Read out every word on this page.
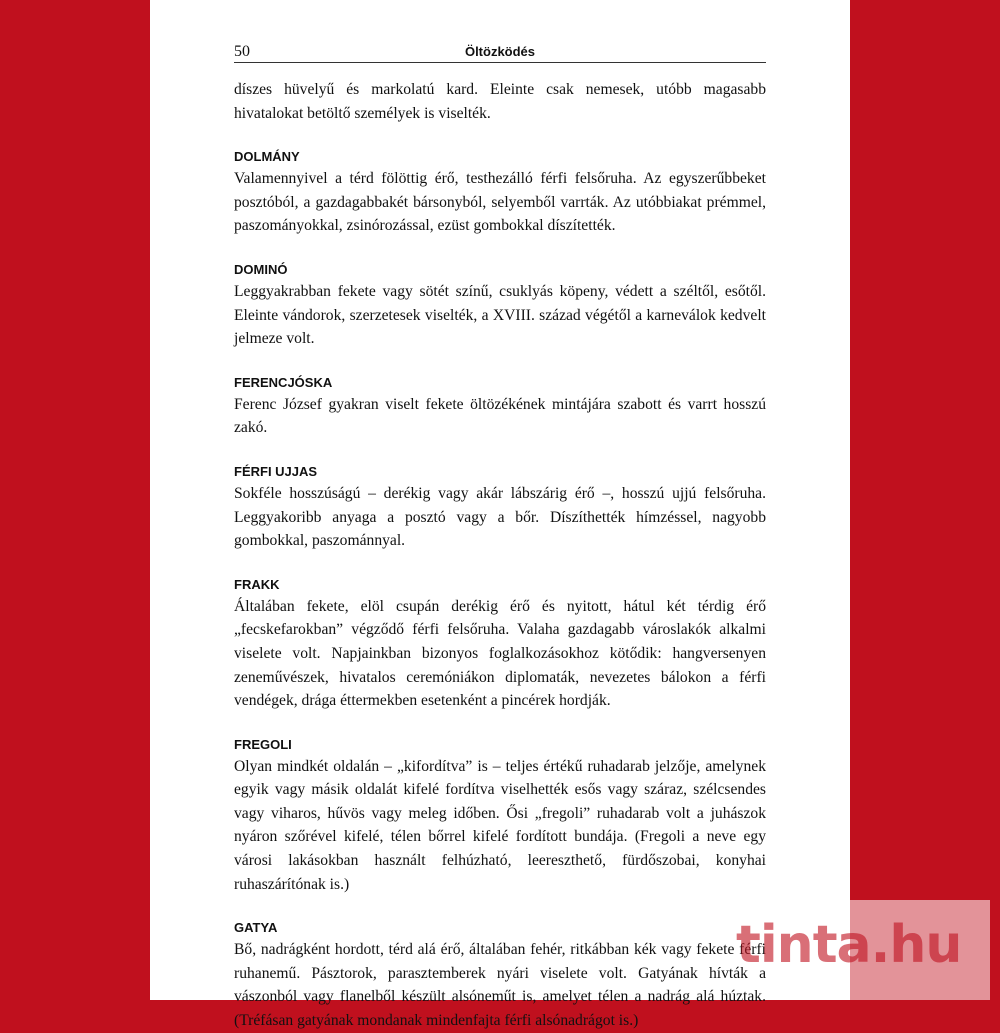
50	Öltözködés

díszes hüvelyű és markolatú kard. Eleinte csak nemesek, utóbb magasabb hivatalokat betöltő személyek is viselték.

DOLMÁNY

Valamennyivel a térd fölöttig érő, testhezálló férfi felsőruha. Az egyszerűbbeket posztóból, a gazdagabbakét bársonyból, selyemből varrták. Az utóbbiakat prémmel, paszományokkal, zsinórozással, ezüst gombokkal díszítették.

DOMINÓ

Leggyakrabban fekete vagy sötét színű, csuklyás köpeny, védett a széltől, esőtől. Eleinte vándorok, szerzetesek viselték, a XVIII. század végétől a karneválok kedvelt jelmeze volt.

FERENCJÓSKA

Ferenc József gyakran viselt fekete öltözékének mintájára szabott és varrt hosszú zakó.

FÉRFI UJJAS

Sokféle hosszúságú – derékig vagy akár lábszárig érő –, hosszú ujjú felsőruha. Leggyakoribb anyaga a posztó vagy a bőr. Díszíthették hímzéssel, nagyobb gombokkal, paszománnyal.

FRAKK

Általában fekete, elöl csupán derékig érő és nyitott, hátul két térdig érő „fecskefarokban” végződő férfi felsőruha. Valaha gazdagabb városlakók alkalmi viselete volt. Napjainkban bizonyos foglalkozásokhoz kötődik: hangversenyen zeneművészek, hivatalos ceremóniákon diplomaták, nevezetes bálokon a férfi vendégek, drága éttermekben esetenként a pincérek hordják.

FREGOLI

Olyan mindkét oldalán – „kifordítva” is – teljes értékű ruhadarab jelzője, amelynek egyik vagy másik oldalát kifelé fordítva viselhették esős vagy száraz, szélcsendes vagy viharos, hűvös vagy meleg időben. Ősi „fregoli” ruhadarab volt a juhászok nyáron szőrével kifelé, télen bőrrel kifelé fordított bundája. (Fregoli a neve egy városi lakásokban használt felhúzható, leereszthető, fürdőszobai, konyhai ruhaszárítónak is.)

GATYA

Bő, nadrágként hordott, térd alá érő, általában fehér, ritkábban kék vagy fekete férfi ruhanemű. Pásztorok, parasztemberek nyári viselete volt. Gatyának hívták a vászonból vagy flanelből készült alsóneműt is, amelyet télen a nadrág alá húztak. (Tréfásan gatyának mondanak mindenfajta férfi alsónadrágot is.)

tinta.hu
